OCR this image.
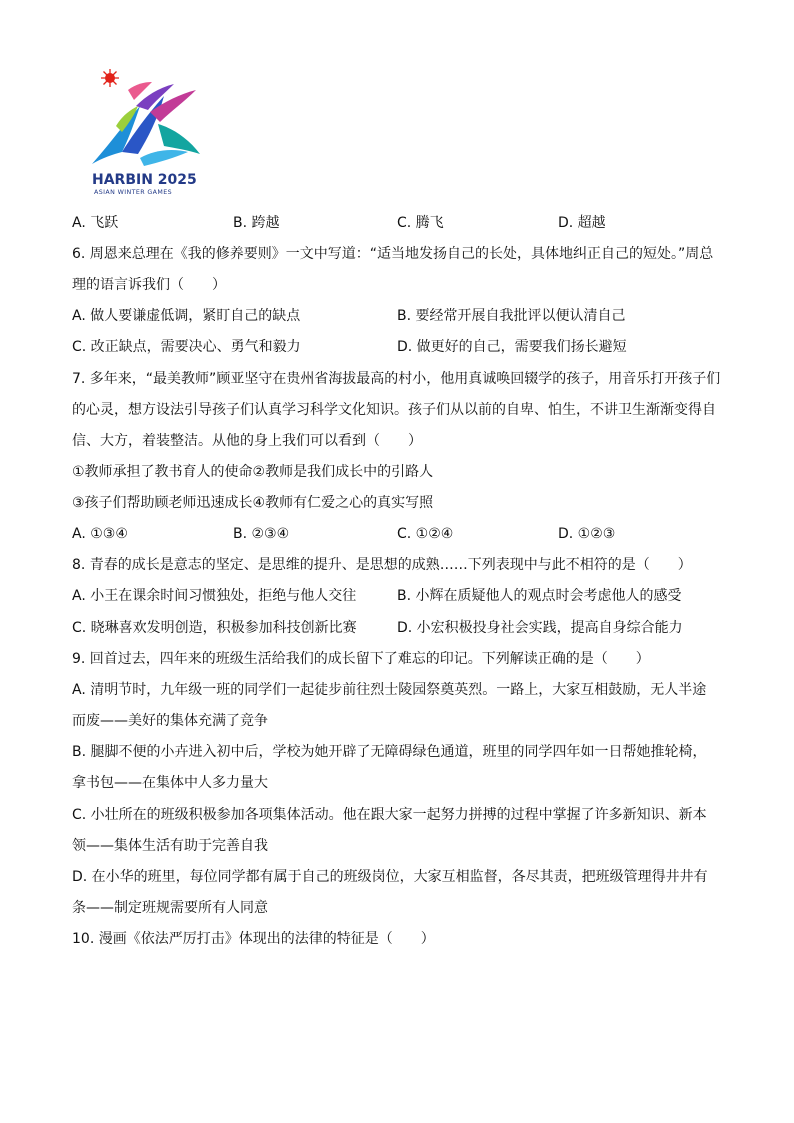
HARBIN 2025
ASIAN WINTER GAMES
A. 飞跃	B. 跨越	C. 腾飞	D. 超越
6. 周恩来总理在《我的修养要则》一文中写道：“适当地发扬自己的长处，具体地纠正自己的短处。”周总
理的语言诉我们（　　）
A. 做人要谦虚低调，紧盯自己的缺点	B. 要经常开展自我批评以便认清自己
C. 改正缺点，需要决心、勇气和毅力	D. 做更好的自己，需要我们扬长避短
7. 多年来，“最美教师”顾亚坚守在贵州省海拔最高的村小，他用真诚唤回辍学的孩子，用音乐打开孩子们
的心灵，想方设法引导孩子们认真学习科学文化知识。孩子们从以前的自卑、怕生，不讲卫生渐渐变得自
信、大方，着装整洁。从他的身上我们可以看到（　　）
①教师承担了教书育人的使命②教师是我们成长中的引路人
③孩子们帮助顾老师迅速成长④教师有仁爱之心的真实写照
A. ①③④	B. ②③④	C. ①②④	D. ①②③
8. 青春的成长是意志的坚定、是思维的提升、是思想的成熟……下列表现中与此不相符的是（　　）
A. 小王在课余时间习惯独处，拒绝与他人交往	B. 小辉在质疑他人的观点时会考虑他人的感受
C. 晓琳喜欢发明创造，积极参加科技创新比赛	D. 小宏积极投身社会实践，提高自身综合能力
9. 回首过去，四年来的班级生活给我们的成长留下了难忘的印记。下列解读正确的是（　　）
A. 清明节时，九年级一班的同学们一起徒步前往烈士陵园祭奠英烈。一路上，大家互相鼓励，无人半途
而废——美好的集体充满了竞争
B. 腿脚不便的小卉进入初中后，学校为她开辟了无障碍绿色通道，班里的同学四年如一日帮她推轮椅，
拿书包——在集体中人多力量大
C. 小壮所在的班级积极参加各项集体活动。他在跟大家一起努力拼搏的过程中掌握了许多新知识、新本
领——集体生活有助于完善自我
D. 在小华的班里，每位同学都有属于自己的班级岗位，大家互相监督，各尽其责，把班级管理得井井有
条——制定班规需要所有人同意
10. 漫画《依法严厉打击》体现出的法律的特征是（　　）
